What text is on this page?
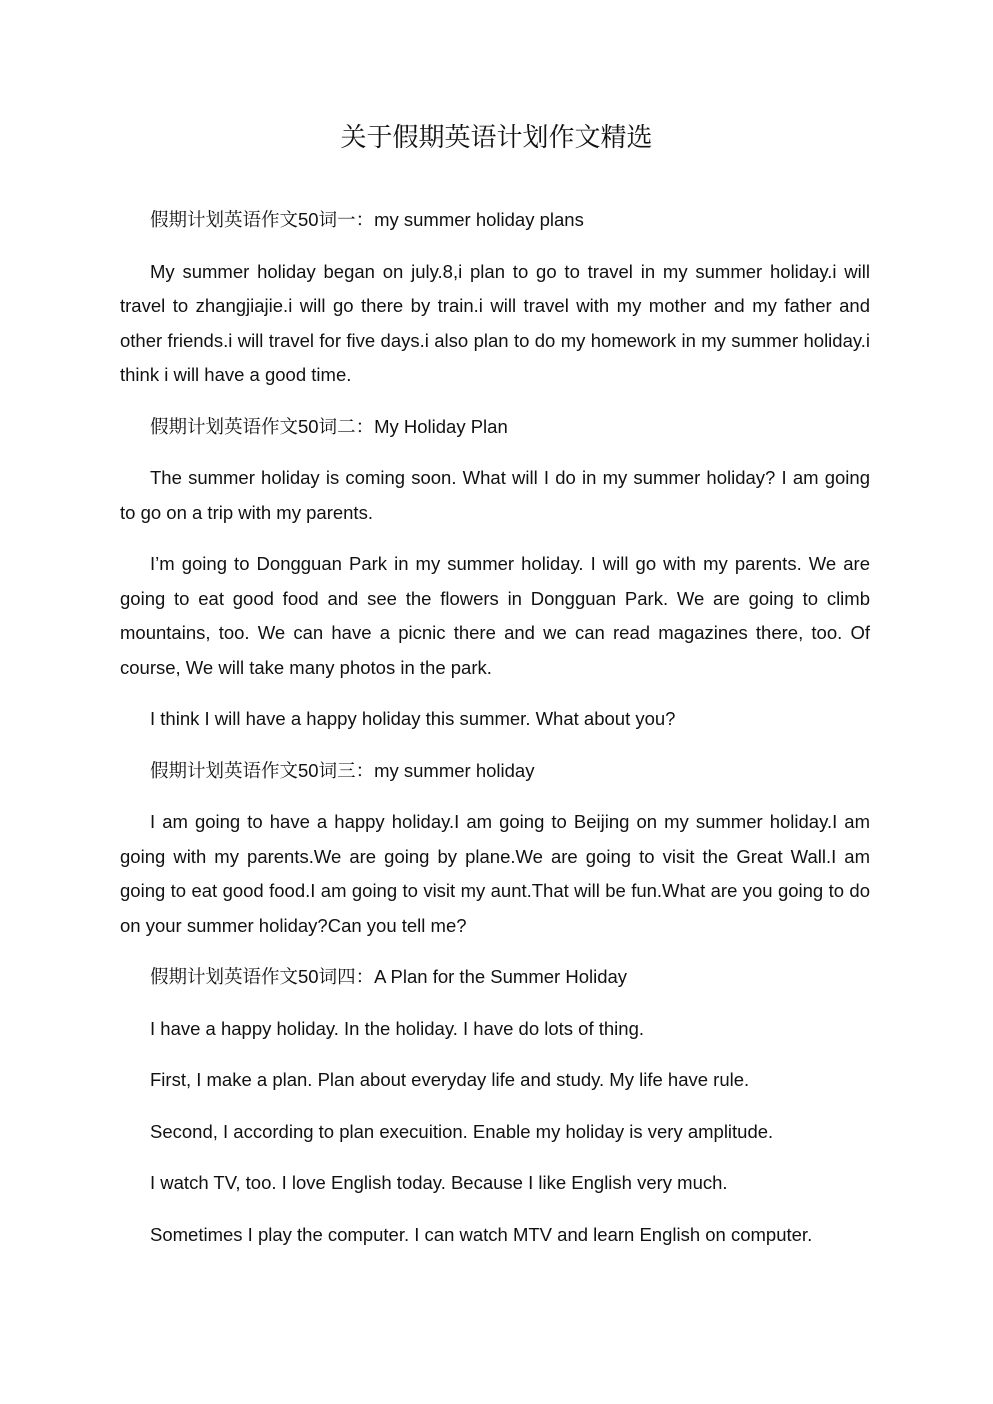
关于假期英语计划作文精选

假期计划英语作文50词一：my summer holiday plans

My summer holiday began on july.8,i plan to go to travel in my summer holiday.i will travel to zhangjiajie.i will go there by train.i will travel with my mother and my father and other friends.i will travel for five days.i also plan to do my homework in my summer holiday.i think i will have a good time.

假期计划英语作文50词二：My Holiday Plan

The summer holiday is coming soon. What will I do in my summer holiday? I am going to go on a trip with my parents.

I’m going to Dongguan Park in my summer holiday. I will go with my parents. We are going to eat good food and see the flowers in Dongguan Park. We are going to climb mountains, too. We can have a picnic there and we can read magazines there, too. Of course, We will take many photos in the park.

I think I will have a happy holiday this summer. What about you?

假期计划英语作文50词三：my summer holiday

I am going to have a happy holiday.I am going to Beijing on my summer holiday.I am going with my parents.We are going by plane.We are going to visit the Great Wall.I am going to eat good food.I am going to visit my aunt.That will be fun.What are you going to do on your summer holiday?Can you tell me?

假期计划英语作文50词四：A Plan for the Summer Holiday

I have a happy holiday. In the holiday. I have do lots of thing.

First, I make a plan. Plan about everyday life and study. My life have rule.

Second, I according to plan execuition. Enable my holiday is very amplitude.

I watch TV, too. I love English today. Because I like English very much.

Sometimes I play the computer. I can watch MTV and learn English on computer.
